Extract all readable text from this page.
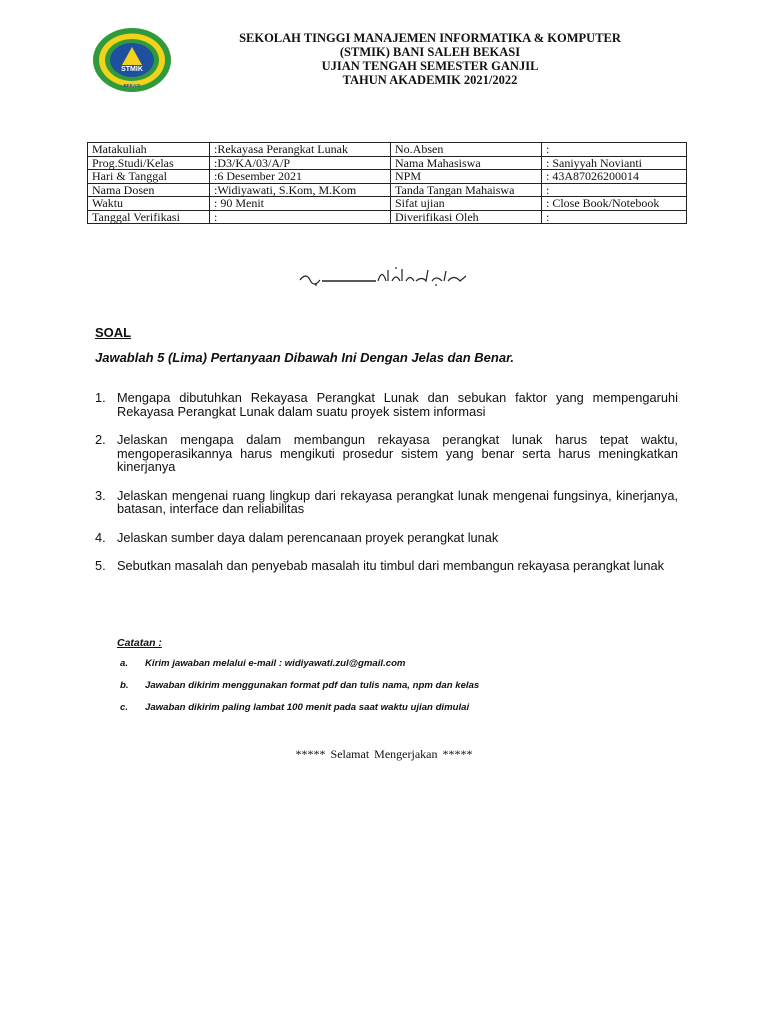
STMIK
BEKASI
SEKOLAH TINGGI MANAJEMEN INFORMATIKA & KOMPUTER
(STMIK) BANI SALEH BEKASI
UJIAN TENGAH SEMESTER GANJIL
TAHUN AKADEMIK 2021/2022
Matakuliah	:Rekayasa Perangkat Lunak	No.Absen	:
Prog.Studi/Kelas	:D3/KA/03/A/P	Nama Mahasiswa	: Saniyyah Novianti
Hari & Tanggal	:6 Desember 2021	NPM	: 43A87026200014
Nama Dosen	:Widiyawati, S.Kom, M.Kom	Tanda Tangan Mahaiswa	:
Waktu	: 90 Menit	Sifat ujian	: Close Book/Notebook
Tanggal Verifikasi	:	Diverifikasi Oleh	:
SOAL
Jawablah 5 (Lima) Pertanyaan Dibawah Ini Dengan Jelas dan Benar.
1. Mengapa dibutuhkan Rekayasa Perangkat Lunak dan sebukan faktor yang mempengaruhi Rekayasa Perangkat Lunak dalam suatu proyek sistem informasi
2. Jelaskan mengapa dalam membangun rekayasa perangkat lunak harus tepat waktu, mengoperasikannya harus mengikuti prosedur sistem yang benar serta harus meningkatkan kinerjanya
3. Jelaskan mengenai ruang lingkup dari rekayasa perangkat lunak mengenai fungsinya, kinerjanya, batasan, interface dan reliabilitas
4. Jelaskan sumber daya dalam perencanaan proyek perangkat lunak
5. Sebutkan masalah dan penyebab masalah itu timbul dari membangun rekayasa perangkat lunak
Catatan :
a.	Kirim jawaban melalui e-mail : widiyawati.zul@gmail.com
b.	Jawaban dikirim menggunakan format pdf dan tulis nama, npm dan kelas
c.	Jawaban dikirim paling lambat 100 menit pada saat waktu ujian dimulai
***** Selamat Mengerjakan *****
